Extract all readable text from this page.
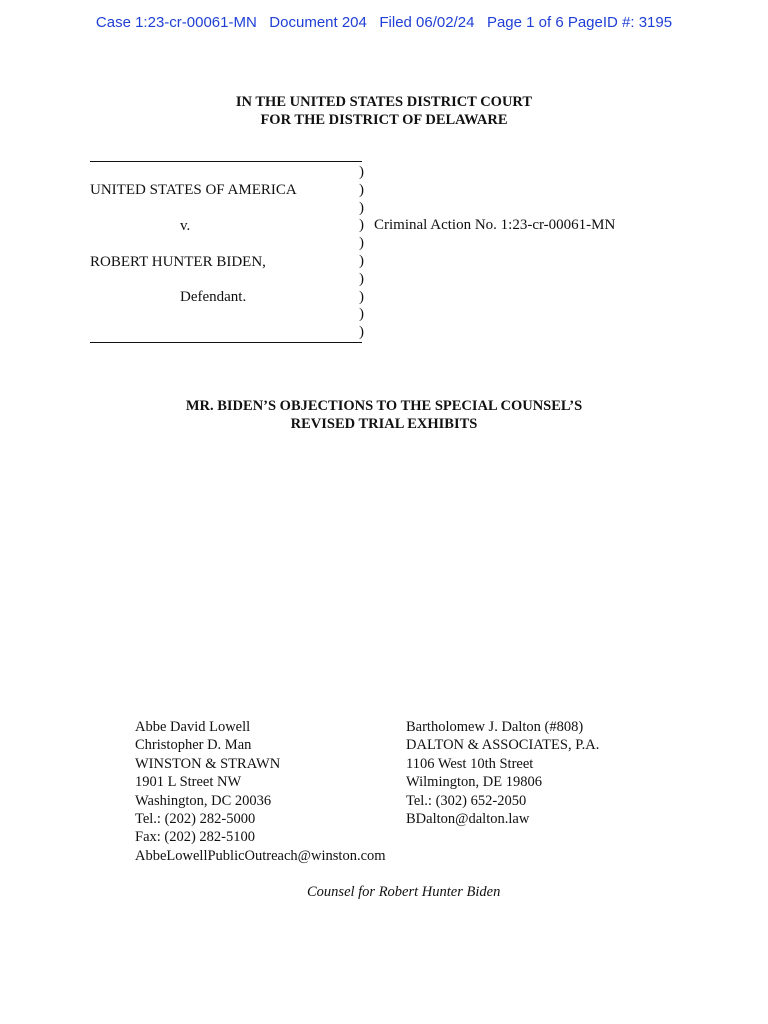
Case 1:23-cr-00061-MN   Document 204   Filed 06/02/24   Page 1 of 6 PageID #: 3195
IN THE UNITED STATES DISTRICT COURT
FOR THE DISTRICT OF DELAWARE
)
)
)
)
)
)
)
)
)
)
UNITED STATES OF AMERICA
v.
ROBERT HUNTER BIDEN,
Defendant.
Criminal Action No. 1:23-cr-00061-MN
MR. BIDEN’S OBJECTIONS TO THE SPECIAL COUNSEL’S
REVISED TRIAL EXHIBITS
Abbe David Lowell
Christopher D. Man
WINSTON & STRAWN
1901 L Street NW
Washington, DC 20036
Tel.: (202) 282-5000
Fax: (202) 282-5100
AbbeLowellPublicOutreach@winston.com
Bartholomew J. Dalton (#808)
DALTON & ASSOCIATES, P.A.
1106 West 10th Street
Wilmington, DE 19806
Tel.: (302) 652-2050
BDalton@dalton.law
Counsel for Robert Hunter Biden
